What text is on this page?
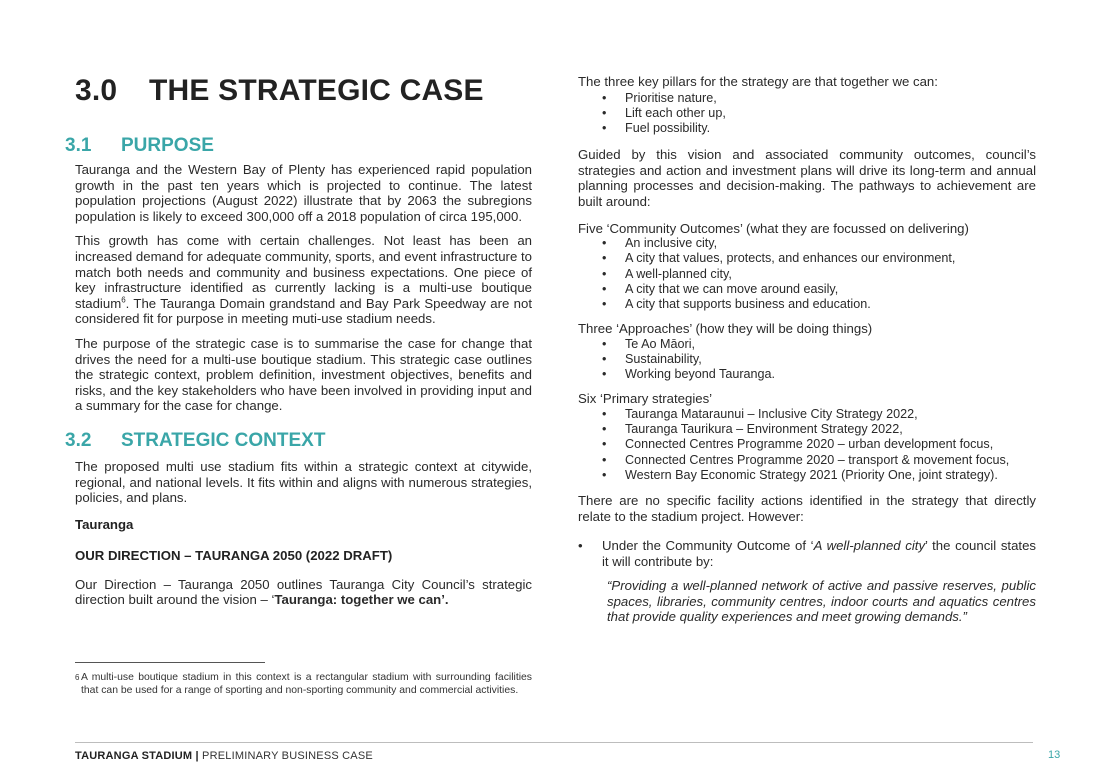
3.0	THE STRATEGIC CASE
3.1	PURPOSE

Tauranga and the Western Bay of Plenty has experienced rapid population growth in the past ten years which is projected to continue. The latest population projections (August 2022) illustrate that by 2063 the subregions population is likely to exceed 300,000 off a 2018 population of circa 195,000.

This growth has come with certain challenges. Not least has been an increased demand for adequate community, sports, and event infrastructure to match both needs and community and business expectations. One piece of key infrastructure identified as currently lacking is a multi-use boutique stadium$^6$. The Tauranga Domain grandstand and Bay Park Speedway are not considered fit for purpose in meeting muti-use stadium needs.

The purpose of the strategic case is to summarise the case for change that drives the need for a multi-use boutique stadium. This strategic case outlines the strategic context, problem definition, investment objectives, benefits and risks, and the key stakeholders who have been involved in providing input and a summary for the case for change.

3.2	STRATEGIC CONTEXT

The proposed multi use stadium fits within a strategic context at citywide, regional, and national levels. It fits within and aligns with numerous strategies, policies, and plans.

Tauranga
OUR DIRECTION – TAURANGA 2050 (2022 DRAFT)

Our Direction – Tauranga 2050 outlines Tauranga City Council’s strategic direction built around the vision – ‘Tauranga: together we can’.

6 A multi-use boutique stadium in this context is a rectangular stadium with surrounding facilities that can be used for a range of sporting and non-sporting community and commercial activities.

The three key pillars for the strategy are that together we can:

• Prioritise nature,
• Lift each other up,
• Fuel possibility.

Guided by this vision and associated community outcomes, council’s strategies and action and investment plans will drive its long-term and annual planning processes and decision-making. The pathways to achievement are built around:

Five ‘Community Outcomes’ (what they are focussed on delivering)

• An inclusive city,
• A city that values, protects, and enhances our environment,
• A well-planned city,
• A city that we can move around easily,
• A city that supports business and education.

Three ‘Approaches’ (how they will be doing things)

• Te Ao Māori,
• Sustainability,
• Working beyond Tauranga.

Six ‘Primary strategies’

• Tauranga Mataraunui – Inclusive City Strategy 2022,
• Tauranga Taurikura – Environment Strategy 2022,
• Connected Centres Programme 2020 – urban development focus,
• Connected Centres Programme 2020 – transport & movement focus,
• Western Bay Economic Strategy 2021 (Priority One, joint strategy).

There are no specific facility actions identified in the strategy that directly relate to the stadium project. However:

• Under the Community Outcome of ‘A well-planned city’ the council states it will contribute by:

“Providing a well-planned network of active and passive reserves, public spaces, libraries, community centres, indoor courts and aquatics centres that provide quality experiences and meet growing demands.”

TAURANGA STADIUM | PRELIMINARY BUSINESS CASE	13
